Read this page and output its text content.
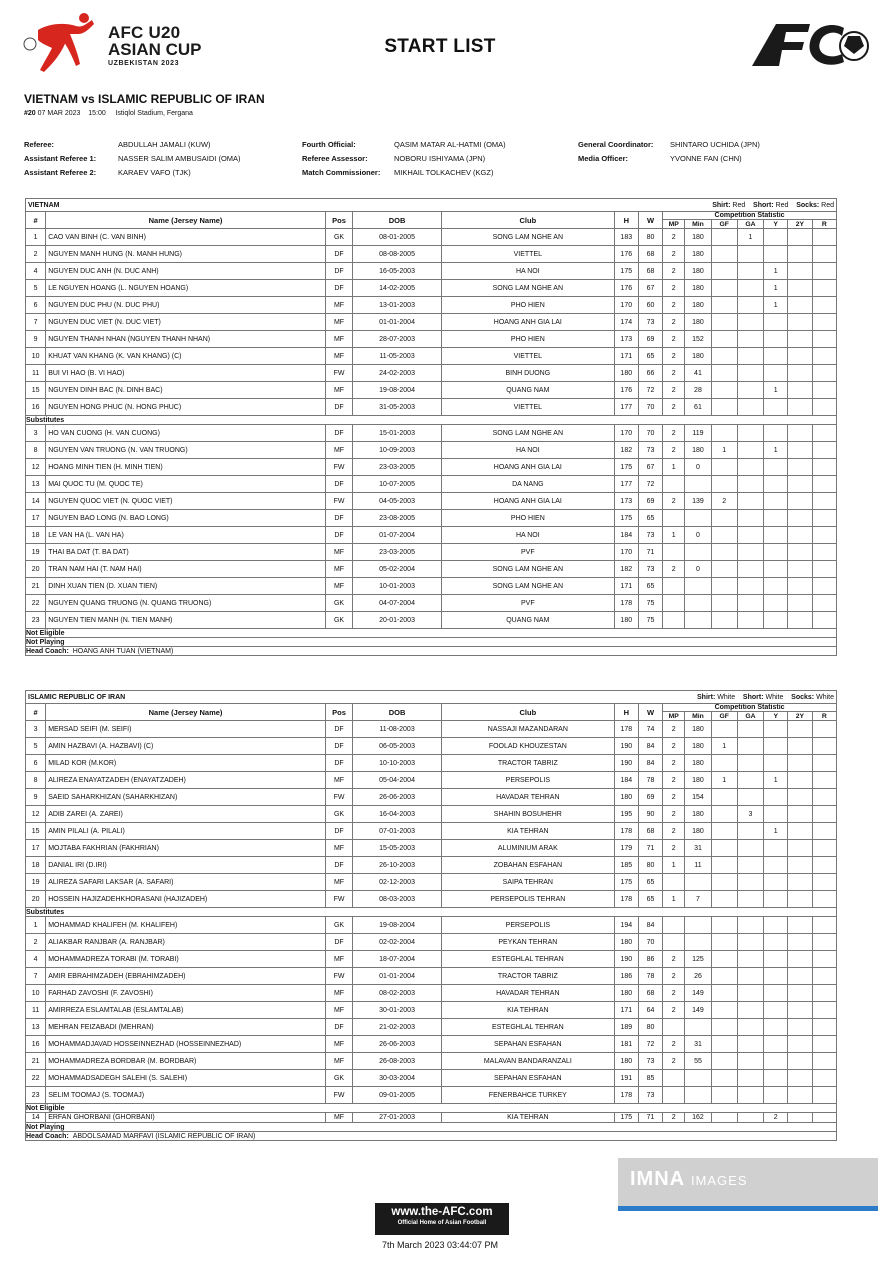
AFC U20
ASIAN CUP
UZBEKISTAN 2023
START LIST
VIETNAM vs ISLAMIC REPUBLIC OF IRAN
#20 07 MAR 2023    15:00 Istiqlol Stadium, Fergana
Referee:	ABDULLAH JAMALI (KUW)
Assistant Referee 1:	NASSER SALIM AMBUSAIDI (OMA)
Assistant Referee 2:	KARAEV VAFO (TJK)
Fourth Official:	QASIM MATAR AL-HATMI (OMA)
Referee Assessor:	NOBORU ISHIYAMA (JPN)
Match Commissioner: MIKHAIL TOLKACHEV (KGZ)
General Coordinator: SHINTARO UCHIDA (JPN)
Media Officer:	YVONNE FAN (CHN)
VIETNAM Shirt: Red Short: Red Socks: Red													

#	Name (Jersey Name)	Pos	DOB	Club	H	W	Competition Statistic						
							MP	Min	GF	GA	Y	2Y	R
1	CAO VAN BINH (C. VAN BINH)	GK	08-01-2005	SONG LAM NGHE AN	183	80	2	180		1			
2	NGUYEN MANH HUNG (N. MANH HUNG)	DF	08-08-2005	VIETTEL	176	68	2	180					
4	NGUYEN DUC ANH (N. DUC ANH)	DF	16-05-2003	HA NOI	175	68	2	180			1		
5	LE NGUYEN HOANG (L. NGUYEN HOANG)	DF	14-02-2005	SONG LAM NGHE AN	176	67	2	180			1		
6	NGUYEN DUC PHU (N. DUC PHU)	MF	13-01-2003	PHO HIEN	170	60	2	180			1		
7	NGUYEN DUC VIET (N. DUC VIET)	MF	01-01-2004	HOANG ANH GIA LAI	174	73	2	180					
9	NGUYEN THANH NHAN (NGUYEN THANH NHAN)	MF	28-07-2003	PHO HIEN	173	69	2	152					
10	KHUAT VAN KHANG (K. VAN KHANG) (C)	MF	11-05-2003	VIETTEL	171	65	2	180					
11	BUI VI HAO (B. VI HAO)	FW	24-02-2003	BINH DUONG	180	66	2	41					
15	NGUYEN DINH BAC (N. DINH BAC)	MF	19-08-2004	QUANG NAM	176	72	2	28			1		
16	NGUYEN HONG PHUC (N. HONG PHUC)	DF	31-05-2003	VIETTEL	177	70	2	61					
Substitutes													
3	HO VAN CUONG (H. VAN CUONG)	DF	15-01-2003	SONG LAM NGHE AN	170	70	2	119					
8	NGUYEN VAN TRUONG (N. VAN TRUONG)	MF	10-09-2003	HA NOI	182	73	2	180	1		1		
12	HOANG MINH TIEN (H. MINH TIEN)	FW	23-03-2005	HOANG ANH GIA LAI	175	67	1	0					
13	MAI QUOC TU (M. QUOC TE)	DF	10-07-2005	DA NANG	177	72							
14	NGUYEN QUOC VIET (N. QUOC VIET)	FW	04-05-2003	HOANG ANH GIA LAI	173	69	2	139	2				
17	NGUYEN BAO LONG (N. BAO LONG)	DF	23-08-2005	PHO HIEN	175	65							
18	LE VAN HA (L. VAN HA)	DF	01-07-2004	HA NOI	184	73	1	0					
19	THAI BA DAT (T. BA DAT)	MF	23-03-2005	PVF	170	71							
20	TRAN NAM HAI (T. NAM HAI)	MF	05-02-2004	SONG LAM NGHE AN	182	73	2	0					
21	DINH XUAN TIEN (D. XUAN TIEN)	MF	10-01-2003	SONG LAM NGHE AN	171	65							
22	NGUYEN QUANG TRUONG (N. QUANG TRUONG)	GK	04-07-2004	PVF	178	75							
23	NGUYEN TIEN MANH (N. TIEN MANH)	GK	20-01-2003	QUANG NAM	180	75							
Not Eligible													
Not Playing													
Head Coach: HOANG ANH TUAN (VIETNAM)													
ISLAMIC REPUBLIC OF IRAN Shirt: White Short: White Socks: White													

#	Name (Jersey Name)	Pos	DOB	Club	H	W	Competition Statistic						
							MP	Min	GF	GA	Y	2Y	R
3	MERSAD SEIFI (M. SEIFI)	DF	11-08-2003	NASSAJI MAZANDARAN	178	74	2	180					
5	AMIN HAZBAVI (A. HAZBAVI) (C)	DF	06-05-2003	FOOLAD KHOUZESTAN	190	84	2	180	1				
6	MILAD KOR (M.KOR)	DF	10-10-2003	TRACTOR TABRIZ	190	84	2	180					
8	ALIREZA ENAYATZADEH (ENAYATZADEH)	MF	05-04-2004	PERSEPOLIS	184	78	2	180	1		1		
9	SAEID SAHARKHIZAN (SAHARKHIZAN)	FW	26-06-2003	HAVADAR TEHRAN	180	69	2	154					
12	ADIB ZAREI (A. ZAREI)	GK	16-04-2003	SHAHIN BOSUHEHR	195	90	2	180		3			
15	AMIN PILALI (A. PILALI)	DF	07-01-2003	KIA TEHRAN	178	68	2	180			1		
17	MOJTABA FAKHRIAN (FAKHRIAN)	MF	15-05-2003	ALUMINIUM ARAK	179	71	2	31					
18	DANIAL IRI (D.IRI)	DF	26-10-2003	ZOBAHAN ESFAHAN	185	80	1	11					
19	ALIREZA SAFARI LAKSAR (A. SAFARI)	MF	02-12-2003	SAIPA TEHRAN	175	65							
20	HOSSEIN HAJIZADEHKHORASANI (HAJIZADEH)	FW	08-03-2003	PERSEPOLIS TEHRAN	178	65	1	7					
Substitutes													
1	MOHAMMAD KHALIFEH (M. KHALIFEH)	GK	19-08-2004	PERSEPOLIS	194	84							
2	ALIAKBAR RANJBAR (A. RANJBAR)	DF	02-02-2004	PEYKAN TEHRAN	180	70							
4	MOHAMMADREZA TORABI (M. TORABI)	MF	18-07-2004	ESTEGHLAL TEHRAN	190	86	2	125					
7	AMIR EBRAHIMZADEH (EBRAHIMZADEH)	FW	01-01-2004	TRACTOR TABRIZ	186	78	2	26					
10	FARHAD ZAVOSHI (F. ZAVOSHI)	MF	08-02-2003	HAVADAR TEHRAN	180	68	2	149					
11	AMIRREZA ESLAMTALAB (ESLAMTALAB)	MF	30-01-2003	KIA TEHRAN	171	64	2	149					
13	MEHRAN FEIZABADI (MEHRAN)	DF	21-02-2003	ESTEGHLAL TEHRAN	189	80							
16	MOHAMMADJAVAD HOSSEINNEZHAD (HOSSEINNEZHAD)	MF	26-06-2003	SEPAHAN ESFAHAN	181	72	2	31					
21	MOHAMMADREZA BORDBAR (M. BORDBAR)	MF	26-08-2003	MALAVAN BANDARANZALI	180	73	2	55					
22	MOHAMMADSADEGH SALEHI (S. SALEHI)	GK	30-03-2004	SEPAHAN ESFAHAN	191	85							
23	SELIM TOOMAJ (S. TOOMAJ)	FW	09-01-2005	FENERBAHCE TURKEY	178	73							
Not Eligible													
14	ERFAN GHORBANI (GHORBANI)	MF	27-01-2003	KIA TEHRAN	175	71	2	162			2		
Not Playing													
Head Coach: ABDOLSAMAD MARFAVI (ISLAMIC REPUBLIC OF IRAN)													
IMNA IMAGES
www.the-AFC.com
Official Home of Asian Football
7th March 2023 03:44:07 PM
